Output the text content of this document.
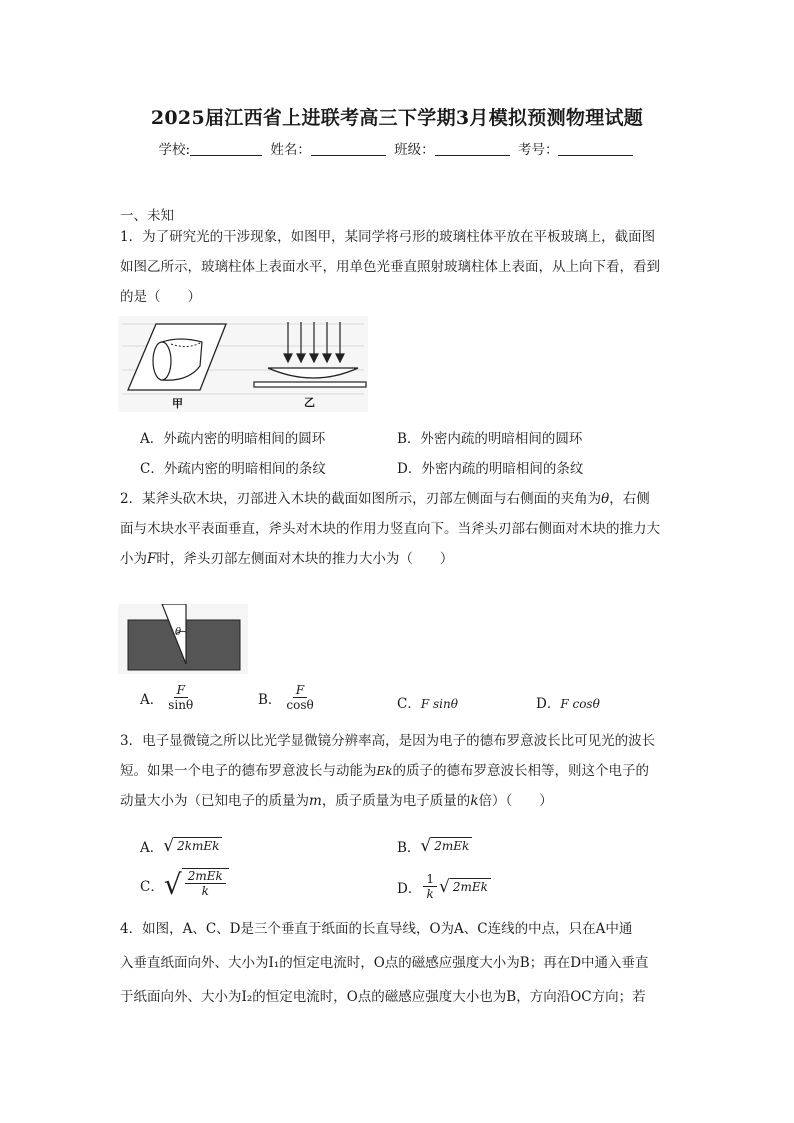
2025届江西省上进联考高三下学期3月模拟预测物理试题
学校:	姓名：	班级：	考号：
一、未知
1．为了研究光的干涉现象，如图甲，某同学将弓形的玻璃柱体平放在平板玻璃上，截面图
如图乙所示，玻璃柱体上表面水平，用单色光垂直照射玻璃柱体上表面，从上向下看，看到
的是（　　）
甲	乙
A．外疏内密的明暗相间的圆环	B．外密内疏的明暗相间的圆环
C．外疏内密的明暗相间的条纹	D．外密内疏的明暗相间的条纹
2．某斧头砍木块，刃部进入木块的截面如图所示，刃部左侧面与右侧面的夹角为θ，右侧
面与木块水平表面垂直，斧头对木块的作用力竖直向下。当斧头刃部右侧面对木块的推力大
小为F时，斧头刃部左侧面对木块的推力大小为（　　）
θ
A． $\frac{F}{\sin\theta}$	B． $\frac{F}{\cos\theta}$	C．F sinθ	D．F cosθ
3．电子显微镜之所以比光学显微镜分辨率高，是因为电子的德布罗意波长比可见光的波长
短。如果一个电子的德布罗意波长与动能为Ek的质子的德布罗意波长相等，则这个电子的
动量大小为（已知电子的质量为m，质子质量为电子质量的k倍）（　　）
A． √ 2kmEk	B． √ 2mEk
C． √ $\frac{\text{2mEk}}{k}$	D． $\frac{1}{k}$ √ 2mEk
4．如图，A、C、D是三个垂直于纸面的长直导线，O为A、C连线的中点，只在A中通
入垂直纸面向外、大小为I₁的恒定电流时，O点的磁感应强度大小为B；再在D中通入垂直
于纸面向外、大小为I₂的恒定电流时，O点的磁感应强度大小也为B，方向沿OC方向；若
